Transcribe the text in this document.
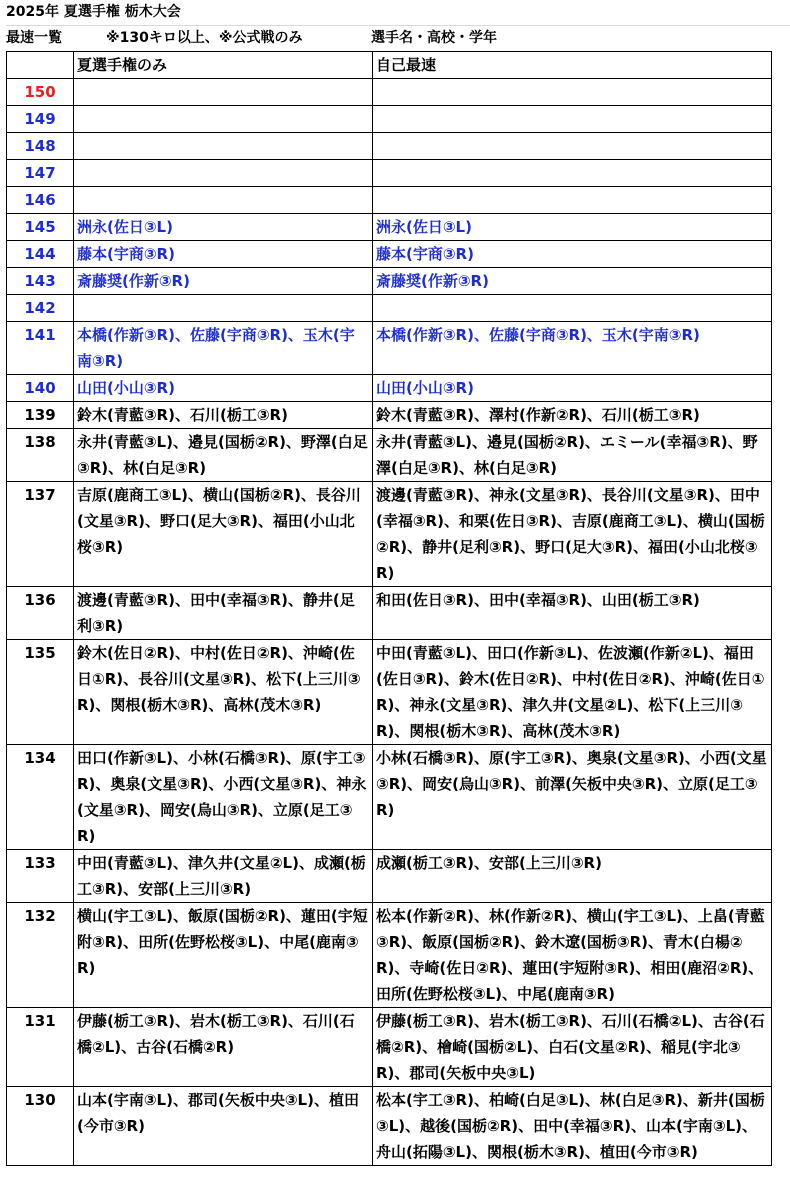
2025年 夏選手権 栃木大会
最速一覧	※130キロ以上、※公式戦のみ	選手名・高校・学年
	夏選手権のみ	自己最速
150		
149		
148		
147		
146		
145	洲永(佐日③L)	洲永(佐日③L)
144	藤本(宇商③R)	藤本(宇商③R)
143	斎藤奨(作新③R)	斎藤奨(作新③R)
142		
141	本橋(作新③R)、佐藤(宇商③R)、玉木(宇南③R)	本橋(作新③R)、佐藤(宇商③R)、玉木(宇南③R)
140	山田(小山③R)	山田(小山③R)
139	鈴木(青藍③R)、石川(栃工③R)	鈴木(青藍③R)、澤村(作新②R)、石川(栃工③R)
138	永井(青藍③L)、邉見(国栃②R)、野澤(白足③R)、林(白足③R)	永井(青藍③L)、邉見(国栃②R)、エミール(幸福③R)、野澤(白足③R)、林(白足③R)
137	吉原(鹿商工③L)、横山(国栃②R)、長谷川(文星③R)、野口(足大③R)、福田(小山北桜③R)	渡邊(青藍③R)、神永(文星③R)、長谷川(文星③R)、田中(幸福③R)、和栗(佐日③R)、吉原(鹿商工③L)、横山(国栃②R)、静井(足利③R)、野口(足大③R)、福田(小山北桜③R)
136	渡邊(青藍③R)、田中(幸福③R)、静井(足利③R)	和田(佐日③R)、田中(幸福③R)、山田(栃工③R)
135	鈴木(佐日②R)、中村(佐日②R)、沖崎(佐日①R)、長谷川(文星③R)、松下(上三川③R)、関根(栃木③R)、高林(茂木③R)	中田(青藍③L)、田口(作新③L)、佐波瀬(作新②L)、福田(佐日③R)、鈴木(佐日②R)、中村(佐日②R)、沖崎(佐日①R)、神永(文星③R)、津久井(文星②L)、松下(上三川③R)、関根(栃木③R)、高林(茂木③R)
134	田口(作新③L)、小林(石橋③R)、原(宇工③R)、奥泉(文星③R)、小西(文星③R)、神永(文星③R)、岡安(烏山③R)、立原(足工③R)	小林(石橋③R)、原(宇工③R)、奥泉(文星③R)、小西(文星③R)、岡安(烏山③R)、前澤(矢板中央③R)、立原(足工③R)
133	中田(青藍③L)、津久井(文星②L)、成瀬(栃工③R)、安部(上三川③R)	成瀬(栃工③R)、安部(上三川③R)
132	横山(宇工③L)、飯原(国栃②R)、蓮田(宇短附③R)、田所(佐野松桜③L)、中尾(鹿南③R)	松本(作新②R)、林(作新②R)、横山(宇工③L)、上畠(青藍③R)、飯原(国栃②R)、鈴木遼(国栃③R)、青木(白楊②R)、寺崎(佐日②R)、蓮田(宇短附③R)、相田(鹿沼②R)、田所(佐野松桜③L)、中尾(鹿南③R)
131	伊藤(栃工③R)、岩木(栃工③R)、石川(石橋②L)、古谷(石橋②R)	伊藤(栃工③R)、岩木(栃工③R)、石川(石橋②L)、古谷(石橋②R)、檜崎(国栃②L)、白石(文星②R)、稲見(宇北③R)、郡司(矢板中央③L)
130	山本(宇南③L)、郡司(矢板中央③L)、植田(今市③R)	松本(宇工③R)、柏崎(白足③L)、林(白足③R)、新井(国栃③L)、越後(国栃②R)、田中(幸福③R)、山本(宇南③L)、舟山(拓陽③L)、関根(栃木③R)、植田(今市③R)
